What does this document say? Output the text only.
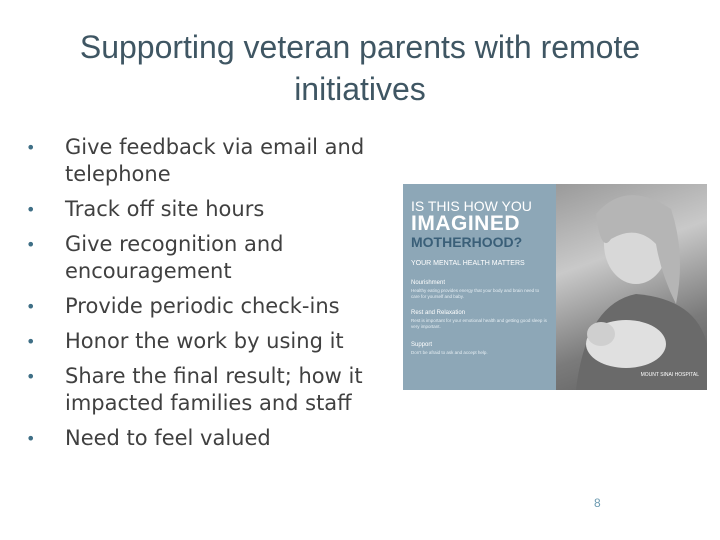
Supporting veteran parents with remote initiatives
• Give feedback via email and telephone
• Track off site hours
• Give recognition and encouragement
• Provide periodic check-ins
• Honor the work by using it
• Share the final result; how it impacted families and staff
• Need to feel valued
IS THIS HOW YOU
IMAGINED
MOTHERHOOD?
YOUR MENTAL HEALTH MATTERS
Nourishment
Healthy eating provides energy that your body and brain need to care for yourself and baby.
Rest and Relaxation
Rest is important for your emotional health and getting good sleep is very important.
Support
Don't be afraid to ask and accept help.
MOUNT SINAI HOSPITAL
8
